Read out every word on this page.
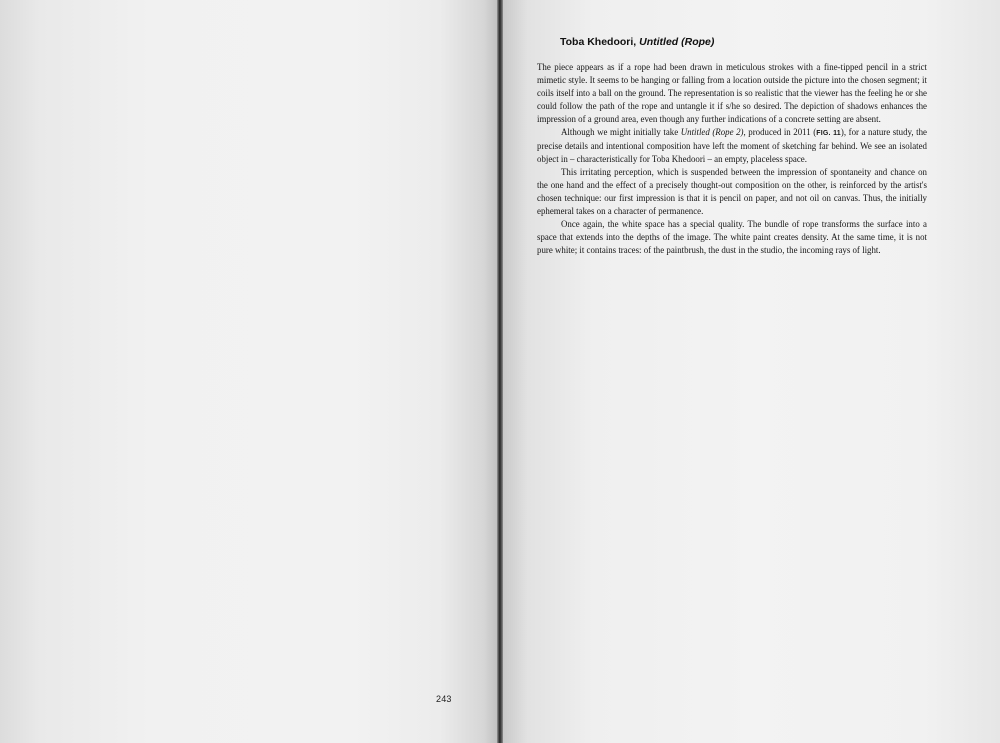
243
Toba Khedoori, Untitled (Rope)

The piece appears as if a rope had been drawn in meticulous strokes with a fine-tipped pencil in a strict mimetic style. It seems to be hanging or falling from a location outside the picture into the chosen segment; it coils itself into a ball on the ground. The representation is so realistic that the viewer has the feeling he or she could follow the path of the rope and untangle it if s/he so desired. The depiction of shadows enhances the impression of a ground area, even though any further indications of a concrete setting are absent.

Although we might initially take Untitled (Rope 2), produced in 2011 (FIG. 11), for a nature study, the precise details and intentional composition have left the moment of sketching far behind. We see an isolated object in – characteristically for Toba Khedoori – an empty, placeless space.

This irritating perception, which is suspended between the impression of spontaneity and chance on the one hand and the effect of a precisely thought-out composition on the other, is reinforced by the artist's chosen technique: our first impression is that it is pencil on paper, and not oil on canvas. Thus, the initially ephemeral takes on a character of permanence.

Once again, the white space has a special quality. The bundle of rope transforms the surface into a space that extends into the depths of the image. The white paint creates density. At the same time, it is not pure white; it contains traces: of the paintbrush, the dust in the studio, the incoming rays of light.
